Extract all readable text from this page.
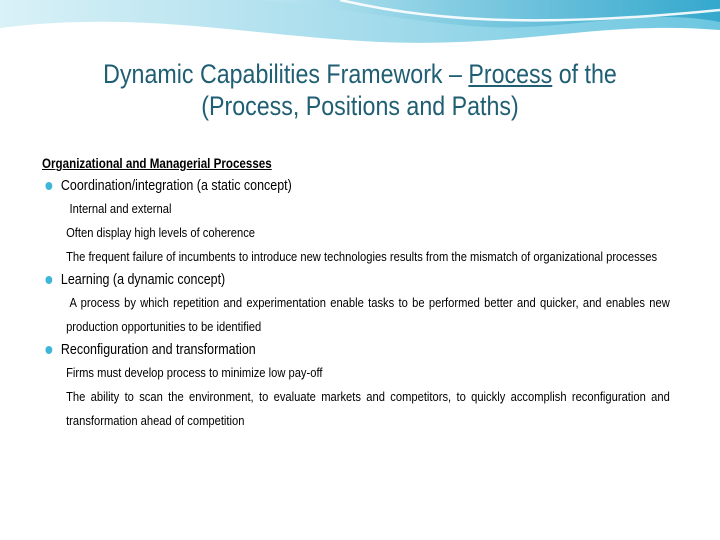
Dynamic Capabilities Framework – Process of the
(Process, Positions and Paths)
Organizational and Managerial Processes
Coordination/integration (a static concept)
Internal and external
Often display high levels of coherence
The frequent failure of incumbents to introduce new technologies results from the mismatch of organizational processes
Learning (a dynamic concept)
A process by which repetition and experimentation enable tasks to be performed better and quicker, and enables new production opportunities to be identified
Reconfiguration and transformation
Firms must develop process to minimize low pay-off
The ability to scan the environment, to evaluate markets and competitors, to quickly accomplish reconfiguration and transformation ahead of competition
